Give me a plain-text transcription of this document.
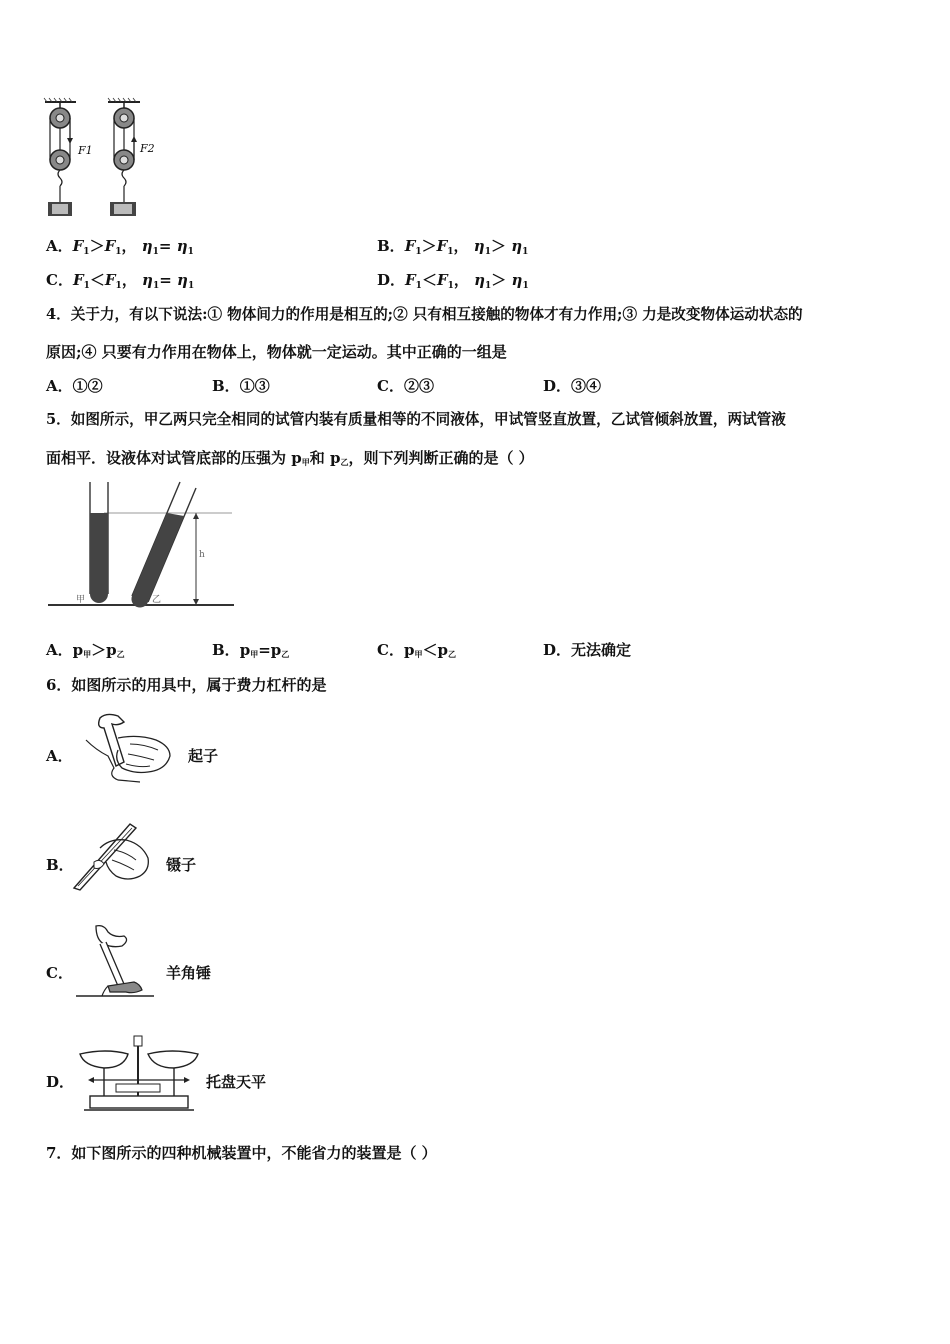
F1	F2
A．$F_1>F_1$， $\eta_1= \eta_1$	B．$F_1>F_1$， $\eta_1> \eta_1$
C．$F_1<F_1$， $\eta_1= \eta_1$	D．$F_1<F_1$， $\eta_1> \eta_1$
4．关于力，有以下说法:① 物体间力的作用是相互的;② 只有相互接触的物体才有力作用;③ 力是改变物体运动状态的
原因;④ 只要有力作用在物体上，物体就一定运动。其中正确的一组是
A．①②	B．①③	C．②③	D．③④
5．如图所示，甲乙两只完全相同的试管内装有质量相等的不同液体，甲试管竖直放置，乙试管倾斜放置，两试管液
面相平．设液体对试管底部的压强为 p甲和 p乙，则下列判断正确的是（ ）
h
甲	乙
A．p甲＞p乙	B．p甲=p乙	C．p甲＜p乙	D．无法确定
6．如图所示的用具中，属于费力杠杆的是
A．	起子
B．	镊子
C．	羊角锤
D．	托盘天平
7．如下图所示的四种机械装置中，不能省力的装置是（ ）
